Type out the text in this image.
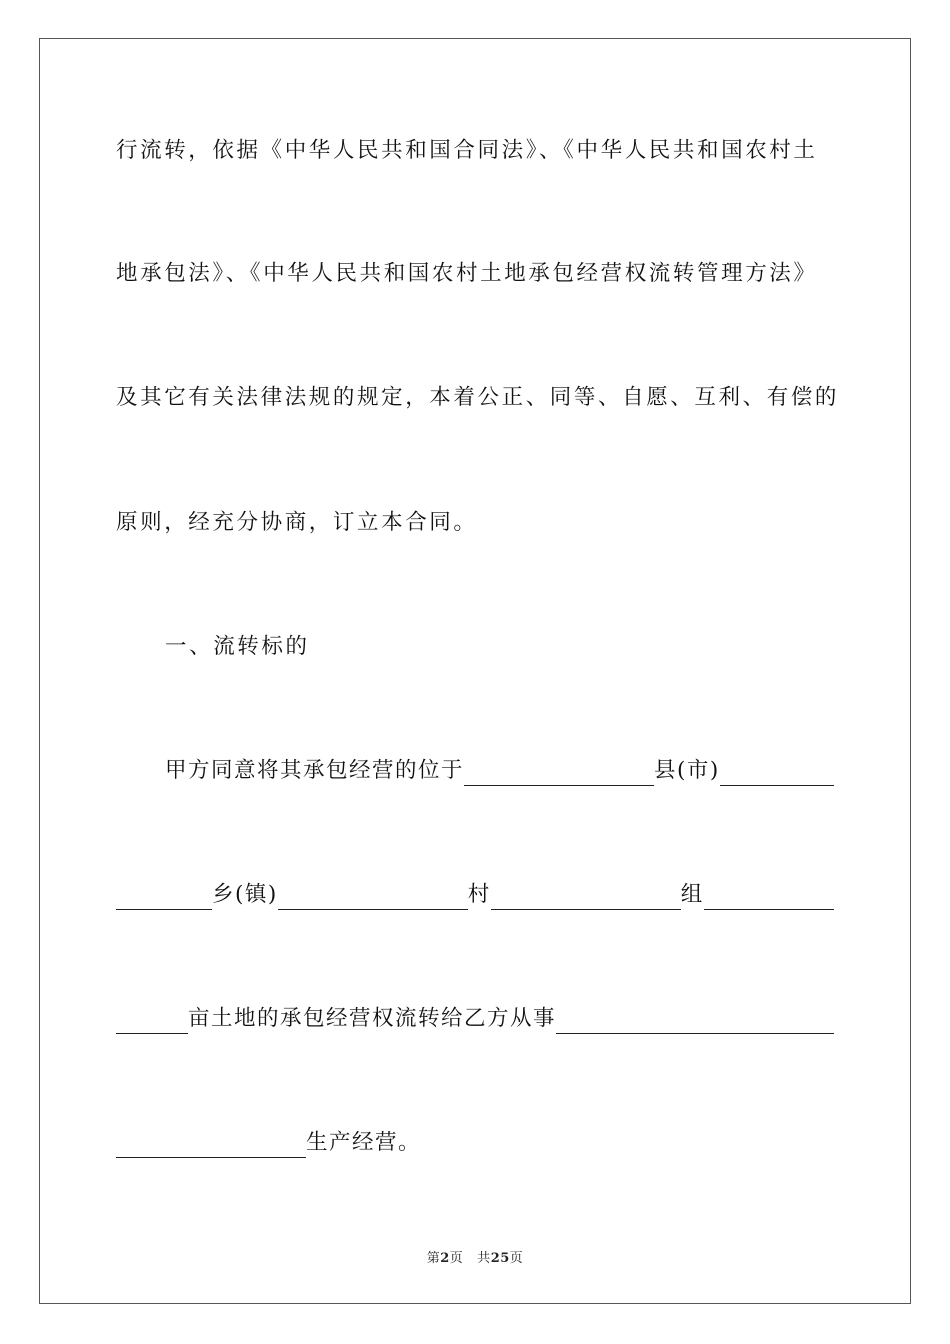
行流转，依据《中华人民共和国合同法》、《中华人民共和国农村土
地承包法》、《中华人民共和国农村土地承包经营权流转管理方法》
及其它有关法律法规的规定，本着公正、同等、自愿、互利、有偿的
原则，经充分协商，订立本合同。
一、流转标的
甲方同意将其承包经营的位于	县(市)
乡(镇)	村	组
亩土地的承包经营权流转给乙方从事
生产经营。
第2页 共25页
